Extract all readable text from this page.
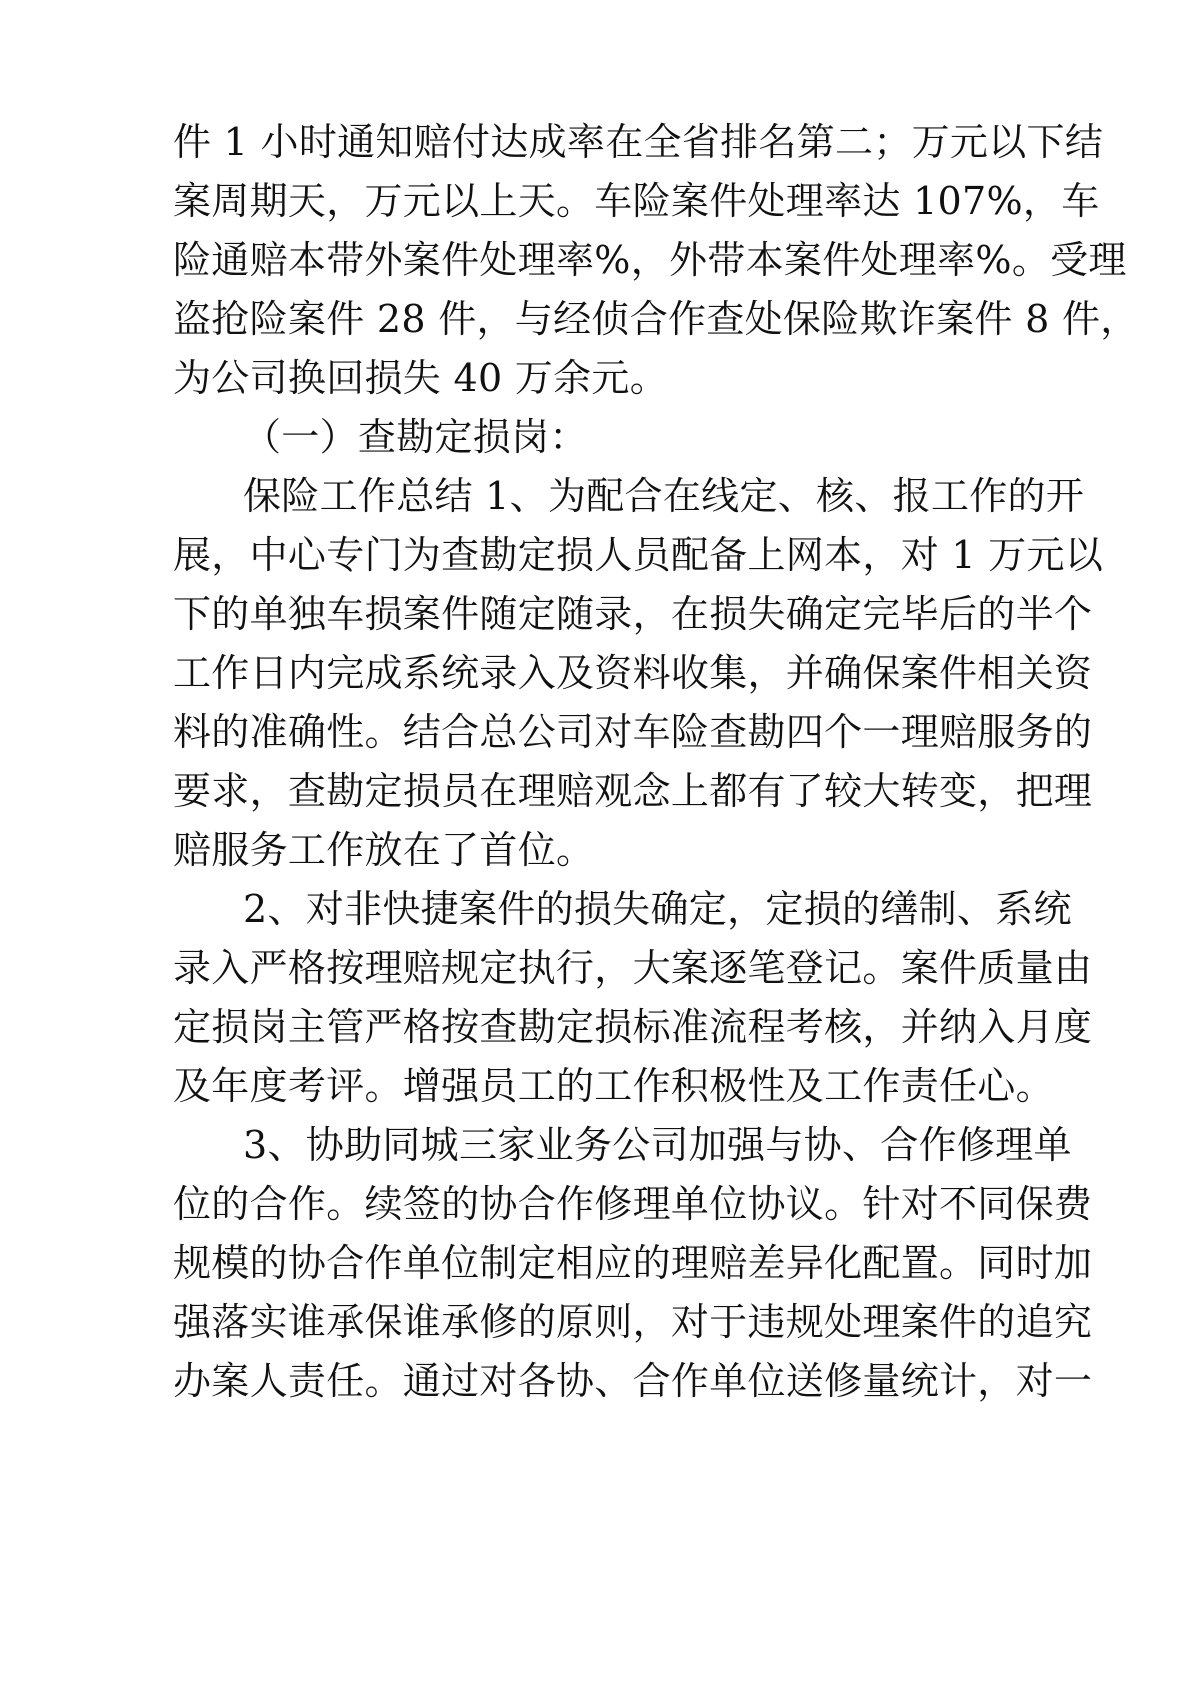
件 1 小时通知赔付达成率在全省排名第二；万元以下结
案周期天，万元以上天。车险案件处理率达 107%，车
险通赔本带外案件处理率%，外带本案件处理率%。受理
盗抢险案件 28 件，与经侦合作查处保险欺诈案件 8 件，
为公司换回损失 40 万余元。
（一）查勘定损岗：
保险工作总结 1、为配合在线定、核、报工作的开
展，中心专门为查勘定损人员配备上网本，对 1 万元以
下的单独车损案件随定随录，在损失确定完毕后的半个
工作日内完成系统录入及资料收集，并确保案件相关资
料的准确性。结合总公司对车险查勘四个一理赔服务的
要求，查勘定损员在理赔观念上都有了较大转变，把理
赔服务工作放在了首位。
2、对非快捷案件的损失确定，定损的缮制、系统
录入严格按理赔规定执行，大案逐笔登记。案件质量由
定损岗主管严格按查勘定损标准流程考核，并纳入月度
及年度考评。增强员工的工作积极性及工作责任心。
3、协助同城三家业务公司加强与协、合作修理单
位的合作。续签的协合作修理单位协议。针对不同保费
规模的协合作单位制定相应的理赔差异化配置。同时加
强落实谁承保谁承修的原则，对于违规处理案件的追究
办案人责任。通过对各协、合作单位送修量统计，对一
